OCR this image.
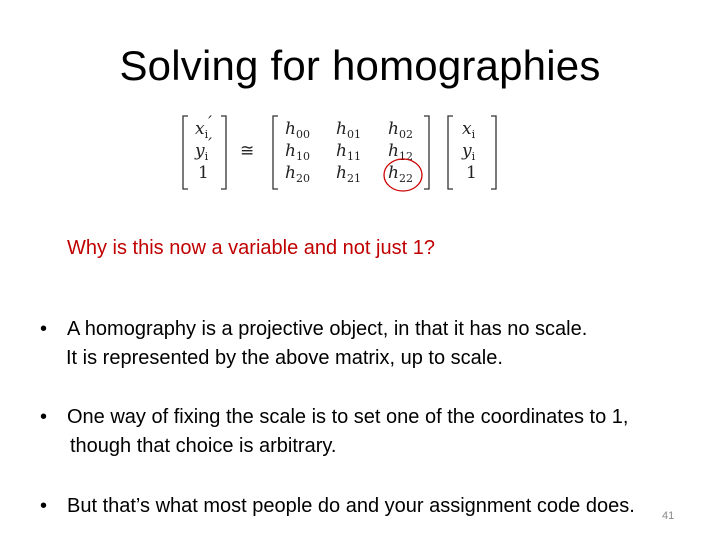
Solving for homographies
$x_i'$
$y_i'$
1
≅
$h_{00}$ $h_{01}$ $h_{02}$
$h_{10}$ $h_{11}$ $h_{12}$
$h_{20}$ $h_{21}$ $h_{22}$
$x_i$
$y_i$
1

Why is this now a variable and not just 1?

• A homography is a projective object, in that it has no scale.
It is represented by the above matrix, up to scale.
• One way of fixing the scale is to set one of the coordinates to 1,
though that choice is arbitrary.
• But that’s what most people do and your assignment code does. 41
